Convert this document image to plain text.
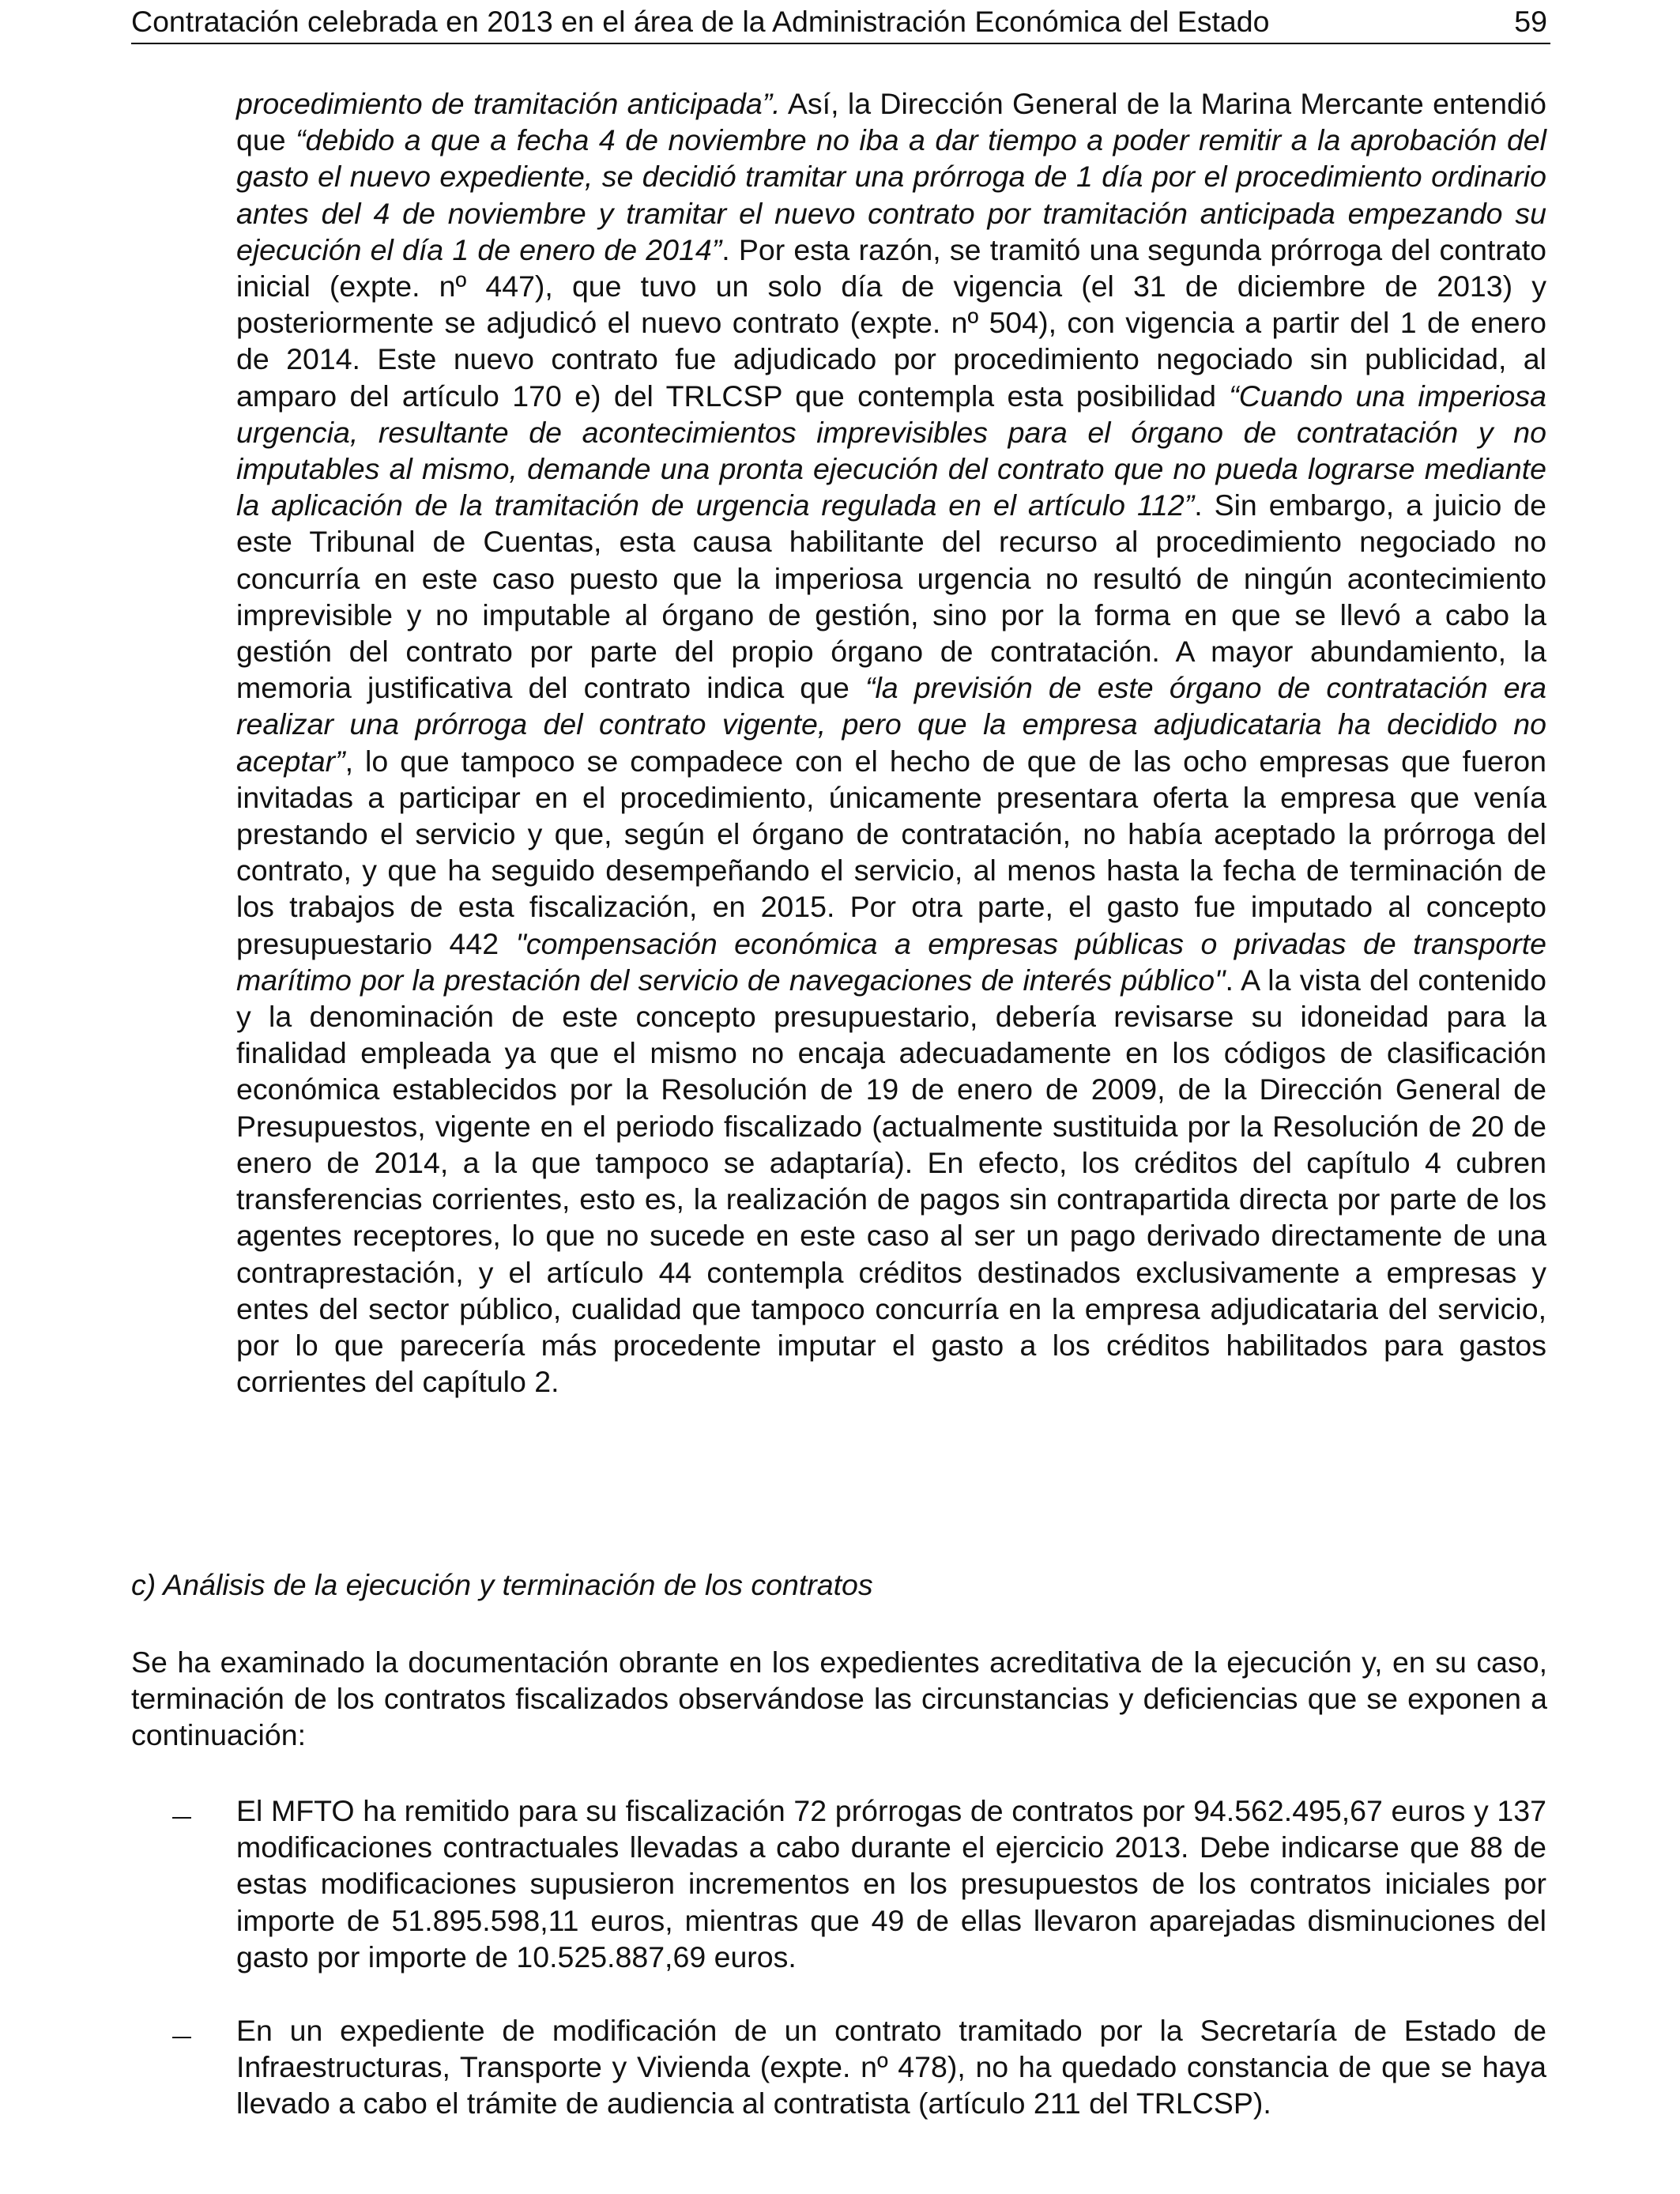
Contratación celebrada en 2013 en el área de la Administración Económica del Estado	59

procedimiento de tramitación anticipada”. Así, la Dirección General de la Marina Mercante entendió que “debido a que a fecha 4 de noviembre no iba a dar tiempo a poder remitir a la aprobación del gasto el nuevo expediente, se decidió tramitar una prórroga de 1 día por el procedimiento ordinario antes del 4 de noviembre y tramitar el nuevo contrato por tramitación anticipada empezando su ejecución el día 1 de enero de 2014”. Por esta razón, se tramitó una segunda prórroga del contrato inicial (expte. nº 447), que tuvo un solo día de vigencia (el 31 de diciembre de 2013) y posteriormente se adjudicó el nuevo contrato (expte. nº 504), con vigencia a partir del 1 de enero de 2014. Este nuevo contrato fue adjudicado por procedimiento negociado sin publicidad, al amparo del artículo 170 e) del TRLCSP que contempla esta posibilidad “Cuando una imperiosa urgencia, resultante de acontecimientos imprevisibles para el órgano de contratación y no imputables al mismo, demande una pronta ejecución del contrato que no pueda lograrse mediante la aplicación de la tramitación de urgencia regulada en el artículo 112”. Sin embargo, a juicio de este Tribunal de Cuentas, esta causa habilitante del recurso al procedimiento negociado no concurría en este caso puesto que la imperiosa urgencia no resultó de ningún acontecimiento imprevisible y no imputable al órgano de gestión, sino por la forma en que se llevó a cabo la gestión del contrato por parte del propio órgano de contratación. A mayor abundamiento, la memoria justificativa del contrato indica que “la previsión de este órgano de contratación era realizar una prórroga del contrato vigente, pero que la empresa adjudicataria ha decidido no aceptar”, lo que tampoco se compadece con el hecho de que de las ocho empresas que fueron invitadas a participar en el procedimiento, únicamente presentara oferta la empresa que venía prestando el servicio y que, según el órgano de contratación, no había aceptado la prórroga del contrato, y que ha seguido desempeñando el servicio, al menos hasta la fecha de terminación de los trabajos de esta fiscalización, en 2015. Por otra parte, el gasto fue imputado al concepto presupuestario 442 "compensación económica a empresas públicas o privadas de transporte marítimo por la prestación del servicio de navegaciones de interés público". A la vista del contenido y la denominación de este concepto presupuestario, debería revisarse su idoneidad para la finalidad empleada ya que el mismo no encaja adecuadamente en los códigos de clasificación económica establecidos por la Resolución de 19 de enero de 2009, de la Dirección General de Presupuestos, vigente en el periodo fiscalizado (actualmente sustituida por la Resolución de 20 de enero de 2014, a la que tampoco se adaptaría). En efecto, los créditos del capítulo 4 cubren transferencias corrientes, esto es, la realización de pagos sin contrapartida directa por parte de los agentes receptores, lo que no sucede en este caso al ser un pago derivado directamente de una contraprestación, y el artículo 44 contempla créditos destinados exclusivamente a empresas y entes del sector público, cualidad que tampoco concurría en la empresa adjudicataria del servicio, por lo que parecería más procedente imputar el gasto a los créditos habilitados para gastos corrientes del capítulo 2.

c) Análisis de la ejecución y terminación de los contratos

Se ha examinado la documentación obrante en los expedientes acreditativa de la ejecución y, en su caso, terminación de los contratos fiscalizados observándose las circunstancias y deficiencias que se exponen a continuación:

El MFTO ha remitido para su fiscalización 72 prórrogas de contratos por 94.562.495,67 euros y 137 modificaciones contractuales llevadas a cabo durante el ejercicio 2013. Debe indicarse que 88 de estas modificaciones supusieron incrementos en los presupuestos de los contratos iniciales por importe de 51.895.598,11 euros, mientras que 49 de ellas llevaron aparejadas disminuciones del gasto por importe de 10.525.887,69 euros.

En un expediente de modificación de un contrato tramitado por la Secretaría de Estado de Infraestructuras, Transporte y Vivienda (expte. nº 478), no ha quedado constancia de que se haya llevado a cabo el trámite de audiencia al contratista (artículo 211 del TRLCSP).
